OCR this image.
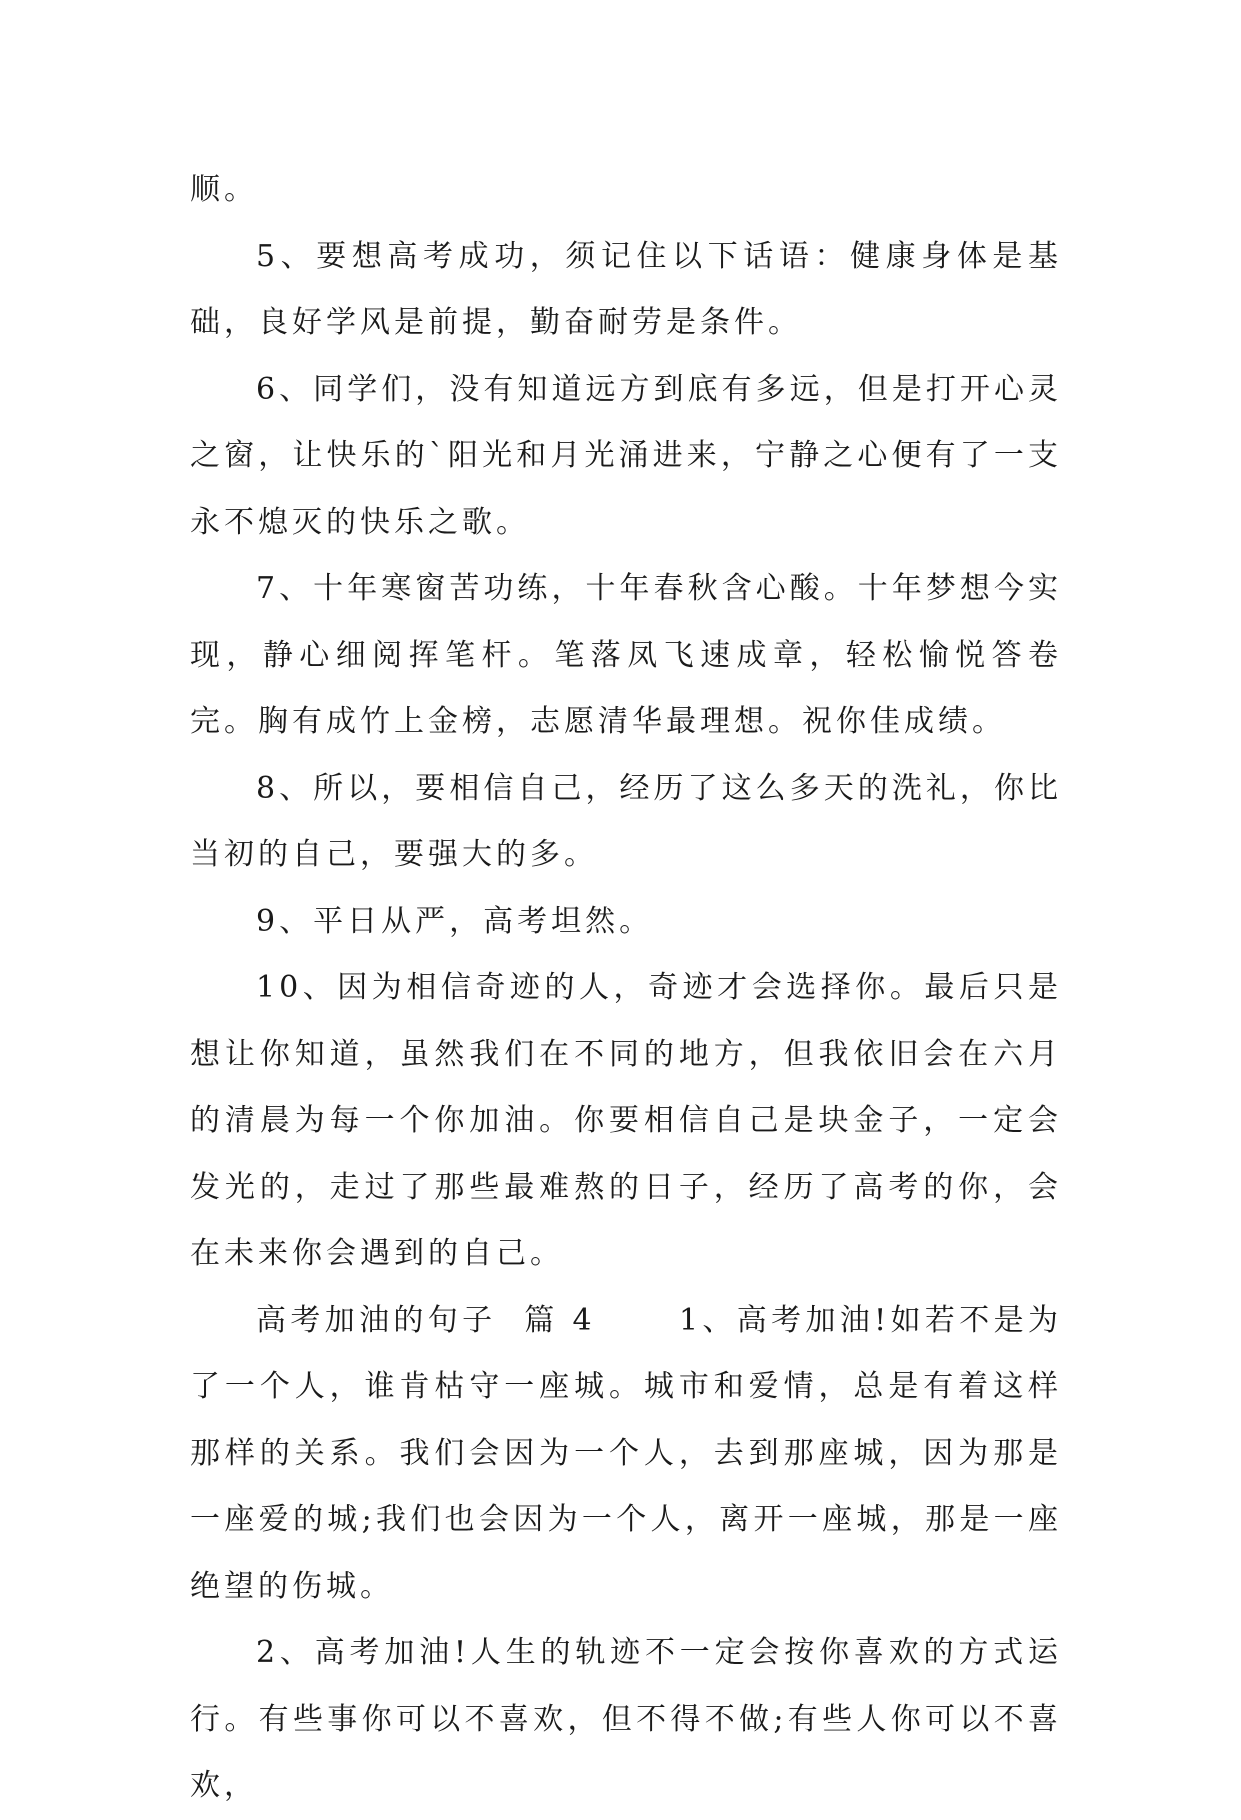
顺。

5、要想高考成功，须记住以下话语：健康身体是基础，良好学风是前提，勤奋耐劳是条件。

6、同学们，没有知道远方到底有多远，但是打开心灵之窗，让快乐的`阳光和月光涌进来，宁静之心便有了一支永不熄灭的快乐之歌。

7、十年寒窗苦功练，十年春秋含心酸。十年梦想今实现，静心细阅挥笔杆。笔落凤飞速成章，轻松愉悦答卷完。胸有成竹上金榜，志愿清华最理想。祝你佳成绩。

8、所以，要相信自己，经历了这么多天的洗礼，你比当初的自己，要强大的多。

9、平日从严，高考坦然。

10、因为相信奇迹的人，奇迹才会选择你。最后只是想让你知道，虽然我们在不同的地方，但我依旧会在六月的清晨为每一个你加油。你要相信自己是块金子，一定会发光的，走过了那些最难熬的日子，经历了高考的你，会在未来你会遇到的自己。

高考加油的句子  篇 4      1、高考加油!如若不是为了一个人，谁肯枯守一座城。城市和爱情，总是有着这样那样的关系。我们会因为一个人，去到那座城，因为那是一座爱的城;我们也会因为一个人，离开一座城，那是一座绝望的伤城。

2、高考加油!人生的轨迹不一定会按你喜欢的方式运行。有些事你可以不喜欢，但不得不做;有些人你可以不喜欢，
